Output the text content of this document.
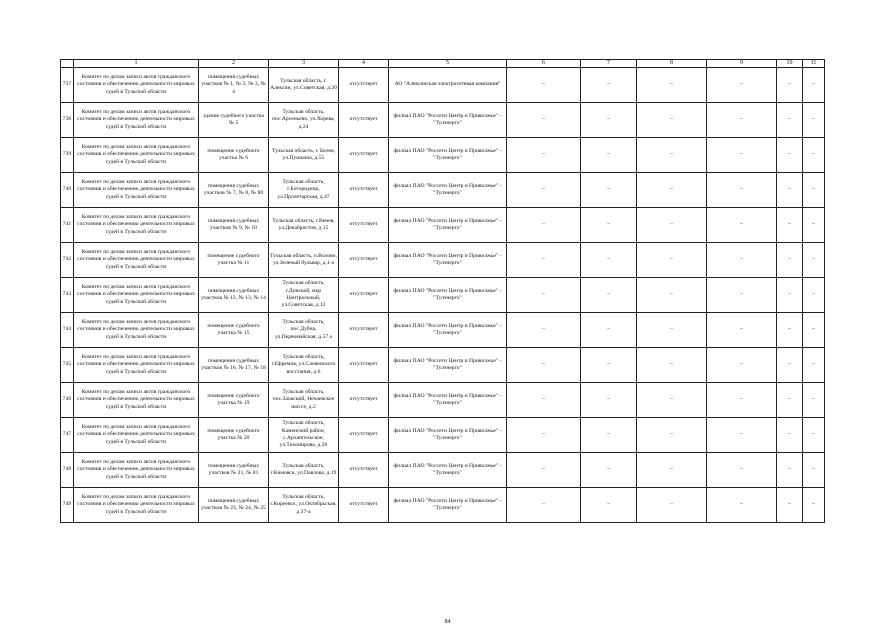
	1	2	3	4	5	6	7	8	9	10	11
737	Комитет по делам записи актов гражданского состояния и обеспечению деятельности мировых судей в Тульской области	помещения судебных участков № 1, № 2, № 3, № 4	Тульская область, г. Алексин, ул.Советская, д.20	отсутствует	АО "Алексинская электросетевая компания"	–	–	–	–	–	–
738	Комитет по делам записи актов гражданского состояния и обеспечению деятельности мировых судей в Тульской области	здание судебного участка № 5	Тульская область, пос.Арсеньево, ул.Хорева, д.24	отсутствует	филиал ПАО "Россети Центр и Приволжье" - "Тулэнерго"	–	–	–	–	–	–
739	Комитет по делам записи актов гражданского состояния и обеспечению деятельности мировых судей в Тульской области	помещение судебного участка № 6	Тульская область, г. Белев, ул.Пушкина, д.55	отсутствует	филиал ПАО "Россети Центр и Приволжье" - "Тулэнерго"	–	–	–	–	–	–
740	Комитет по делам записи актов гражданского состояния и обеспечению деятельности мировых судей в Тульской области	помещения судебных участков № 7, № 8, № 80	Тульская область, г.Богородицк, ул.Пролетарская, д.47	отсутствует	филиал ПАО "Россети Центр и Приволжье" - "Тулэнерго"	–	–	–	–	–	–
741	Комитет по делам записи актов гражданского состояния и обеспечению деятельности мировых судей в Тульской области	помещения судебных участков № 9, № 10	Тульская область, г.Венев, ул.Декабристов, д.15	отсутствует	филиал ПАО "Россети Центр и Приволжье" - "Тулэнерго"	–	–	–	–	–	–
742	Комитет по делам записи актов гражданского состояния и обеспечению деятельности мировых судей в Тульской области	помещение судебного участка № 11	Тульская область, п.Волово, ул.Зеленый бульвар, д.1-а	отсутствует	филиал ПАО "Россети Центр и Приволжье" - "Тулэнерго"	–	–	–	–	–	–
743	Комитет по делам записи актов гражданского состояния и обеспечению деятельности мировых судей в Тульской области	помещения судебных участков № 12, № 13, № 14	Тульская область, г.Донской, мкр Центральный, ул.Советская, д.12	отсутствует	филиал ПАО "Россети Центр и Приволжье" - "Тулэнерго"	–	–	–	–	–	–
744	Комитет по делам записи актов гражданского состояния и обеспечению деятельности мировых судей в Тульской области	помещение судебного участка № 15	Тульская область, пос.Дубна, ул.Первомайская, д.57 а	отсутствует	филиал ПАО "Россети Центр и Приволжье" - "Тулэнерго"	–	–	–	–	–	–
745	Комитет по делам записи актов гражданского состояния и обеспечению деятельности мировых судей в Тульской области	помещения судебных участков № 16, № 17, № 18	Тульская область, г.Ефремов, ул.Словенского восстания, д.6	отсутствует	филиал ПАО "Россети Центр и Приволжье" - "Тулэнерго"	–	–	–	–	–	–
746	Комитет по делам записи актов гражданского состояния и обеспечению деятельности мировых судей в Тульской области	помещение судебного участка № 19	Тульская область, пос.Заокский, Нечаевское шоссе, д.2	отсутствует	филиал ПАО "Россети Центр и Приволжье" - "Тулэнерго"	–	–	–	–	–	–
747	Комитет по делам записи актов гражданского состояния и обеспечению деятельности мировых судей в Тульской области	помещение судебного участка № 20	Тульская область, Каменский район, с.Архангельское, ул.Тихонирова, д.26	отсутствует	филиал ПАО "Россети Центр и Приволжье" - "Тулэнерго"	–	–	–	–	–	–
748	Комитет по делам записи актов гражданского состояния и обеспечению деятельности мировых судей в Тульской области	помещения судебных участков № 21, № 81	Тульская область, г.Кимовск, ул.Павлова, д.19	отсутствует	филиал ПАО "Россети Центр и Приволжье" - "Тулэнерго"	–	–	–	–	–	–
749	Комитет по делам записи актов гражданского состояния и обеспечению деятельности мировых судей в Тульской области	помещения судебных участков № 23, № 24, № 25	Тульская область, г.Киреевск, ул.Октябрьская, д.37-а	отсутствует	филиал ПАО "Россети Центр и Приволжье" - "Тулэнерго"	–	–	–	–	–	–
84
